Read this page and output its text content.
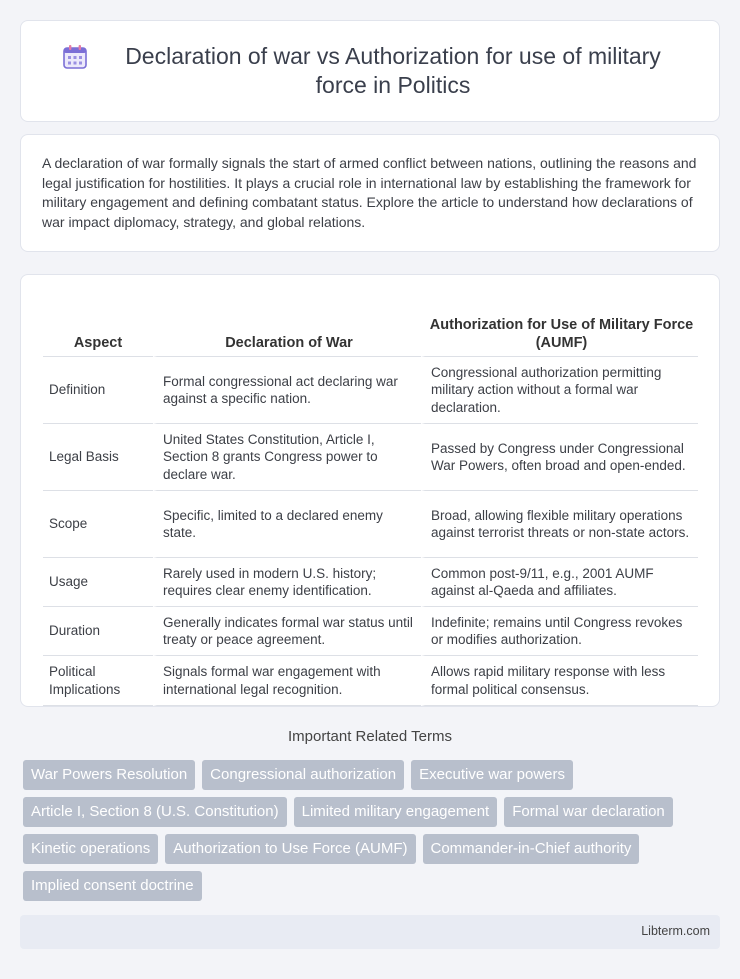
Declaration of war vs Authorization for use of military force in Politics

A declaration of war formally signals the start of armed conflict between nations, outlining the reasons and legal justification for hostilities. It plays a crucial role in international law by establishing the framework for military engagement and defining combatant status. Explore the article to understand how declarations of war impact diplomacy, strategy, and global relations.

Aspect	Declaration of War	Authorization for Use of Military Force (AUMF)
Definition	Formal congressional act declaring war against a specific nation.	Congressional authorization permitting military action without a formal war declaration.
Legal Basis	United States Constitution, Article I, Section 8 grants Congress power to declare war.	Passed by Congress under Congressional War Powers, often broad and open-ended.
Scope	Specific, limited to a declared enemy state.	Broad, allowing flexible military operations against terrorist threats or non-state actors.
Usage	Rarely used in modern U.S. history; requires clear enemy identification.	Common post-9/11, e.g., 2001 AUMF against al-Qaeda and affiliates.
Duration	Generally indicates formal war status until treaty or peace agreement.	Indefinite; remains until Congress revokes or modifies authorization.
Political Implications	Signals formal war engagement with international legal recognition.	Allows rapid military response with less formal political consensus.
Important Related Terms
War Powers Resolution	Congressional authorization	Executive war powers
Article I, Section 8 (U.S. Constitution)	Limited military engagement	Formal war declaration
Kinetic operations	Authorization to Use Force (AUMF)	Commander-in-Chief authority
Implied consent doctrine
Libterm.com
